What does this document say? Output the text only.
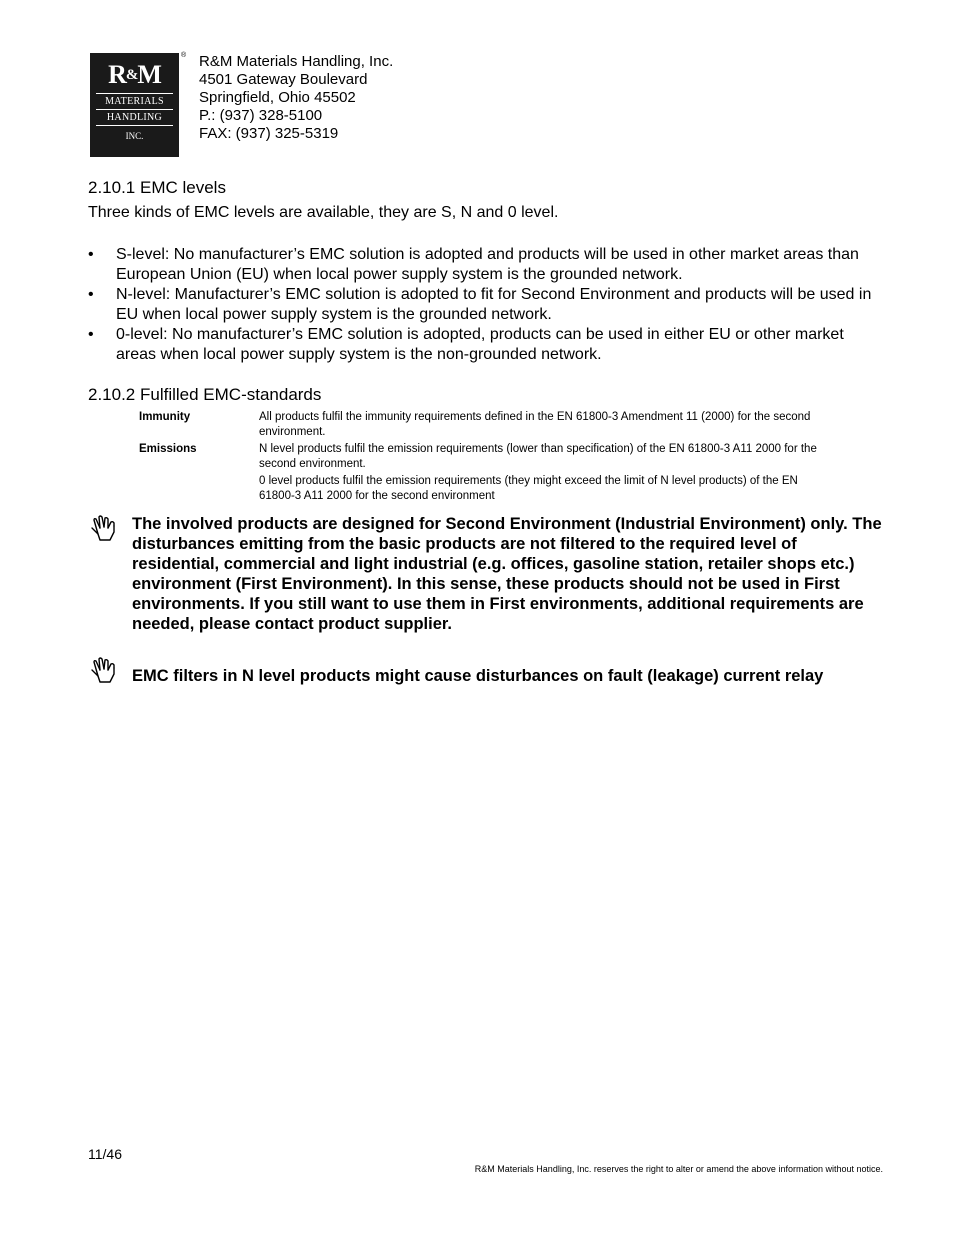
R&M
MATERIALS
HANDLING
INC.
® R&M Materials Handling, Inc.
4501 Gateway Boulevard
Springfield, Ohio 45502
P.: (937) 328-5100
FAX: (937) 325-5319
2.10.1 EMC levels
Three kinds of EMC levels are available, they are S, N and 0 level.
• S-level: No manufacturer’s EMC solution is adopted and products will be used in other market areas than European Union (EU) when local power supply system is the grounded network.
• N-level: Manufacturer’s EMC solution is adopted to fit for Second Environment and products will be used in EU when local power supply system is the grounded network.
• 0-level: No manufacturer’s EMC solution is adopted, products can be used in either EU or other market areas when local power supply system is the non-grounded network.
2.10.2 Fulfilled EMC-standards
Immunity	All products fulfil the immunity requirements defined in the EN 61800-3 Amendment 11 (2000) for the second environment.
Emissions	N level products fulfil the emission requirements (lower than specification) of the EN 61800-3 A11 2000 for the second environment.
0 level products fulfil the emission requirements (they might exceed the limit of N level products) of the EN 61800-3 A11 2000 for the second environment
The involved products are designed for Second Environment (Industrial Environment) only. The disturbances emitting from the basic products are not filtered to the required level of residential, commercial and light industrial (e.g. offices, gasoline station, retailer shops etc.) environment (First Environment). In this sense, these products should not be used in First environments. If you still want to use them in First environments, additional requirements are needed, please contact product supplier.
EMC filters in N level products might cause disturbances on fault (leakage) current relay
11/46
R&M Materials Handling, Inc. reserves the right to alter or amend the above information without notice.
